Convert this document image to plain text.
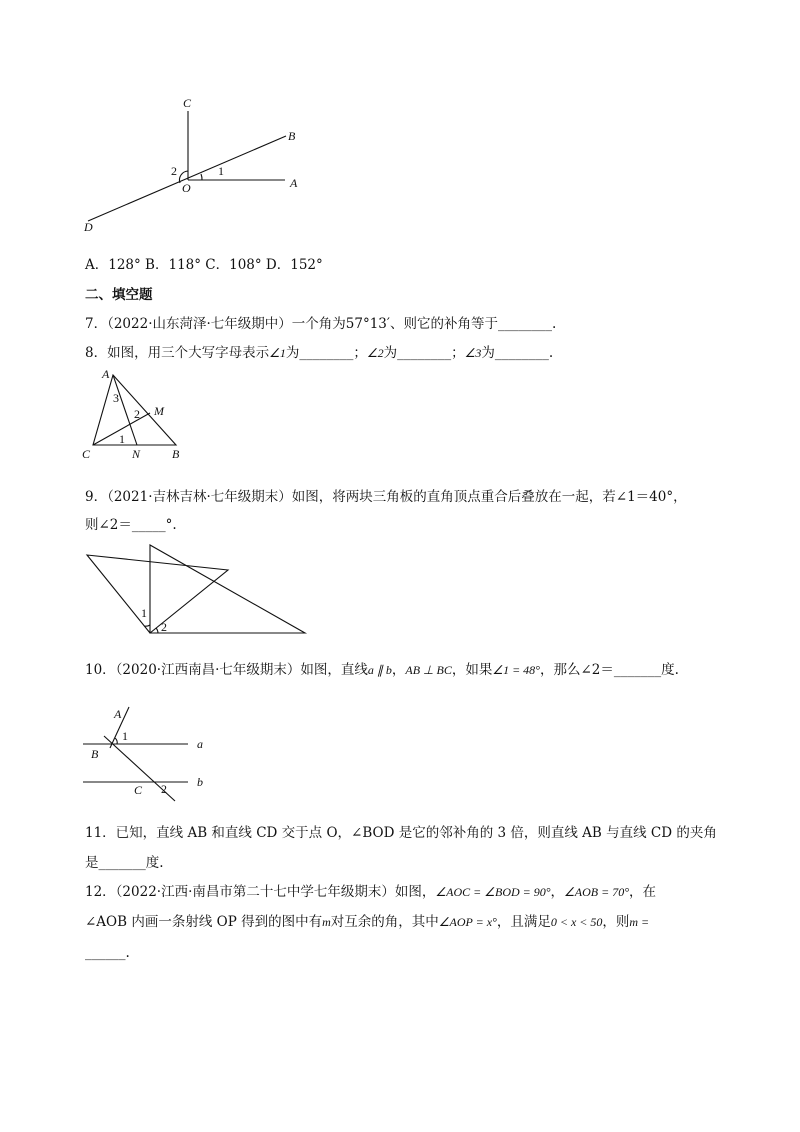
C
B
O	A
D
1
2
A．128° B．118° C．108° D．152°
二、填空题
7．（2022·山东菏泽·七年级期中）一个角为57°13′、则它的补角等于________.
8．如图，用三个大写字母表示∠1为________；∠2为________；∠3为________.
A
M
C	N	B
3
2
1
9．（2021·吉林吉林·七年级期末）如图，将两块三角板的直角顶点重合后叠放在一起，若∠1＝40°，
则∠2＝_____°.
1
2
10．（2020·江西南昌·七年级期末）如图，直线a ∥ b，AB ⊥ BC，如果∠1 = 48°，那么∠2＝_______度.
A
B
C
a
b
1
2
11．已知，直线 AB 和直线 CD 交于点 O，∠BOD 是它的邻补角的 3 倍，则直线 AB 与直线 CD 的夹角
是_______度.
12．（2022·江西·南昌市第二十七中学七年级期末）如图，∠AOC = ∠BOD = 90°，∠AOB = 70°，在
∠AOB 内画一条射线 OP 得到的图中有m对互余的角，其中∠AOP = x°，且满足0 < x < 50，则m =
______.
